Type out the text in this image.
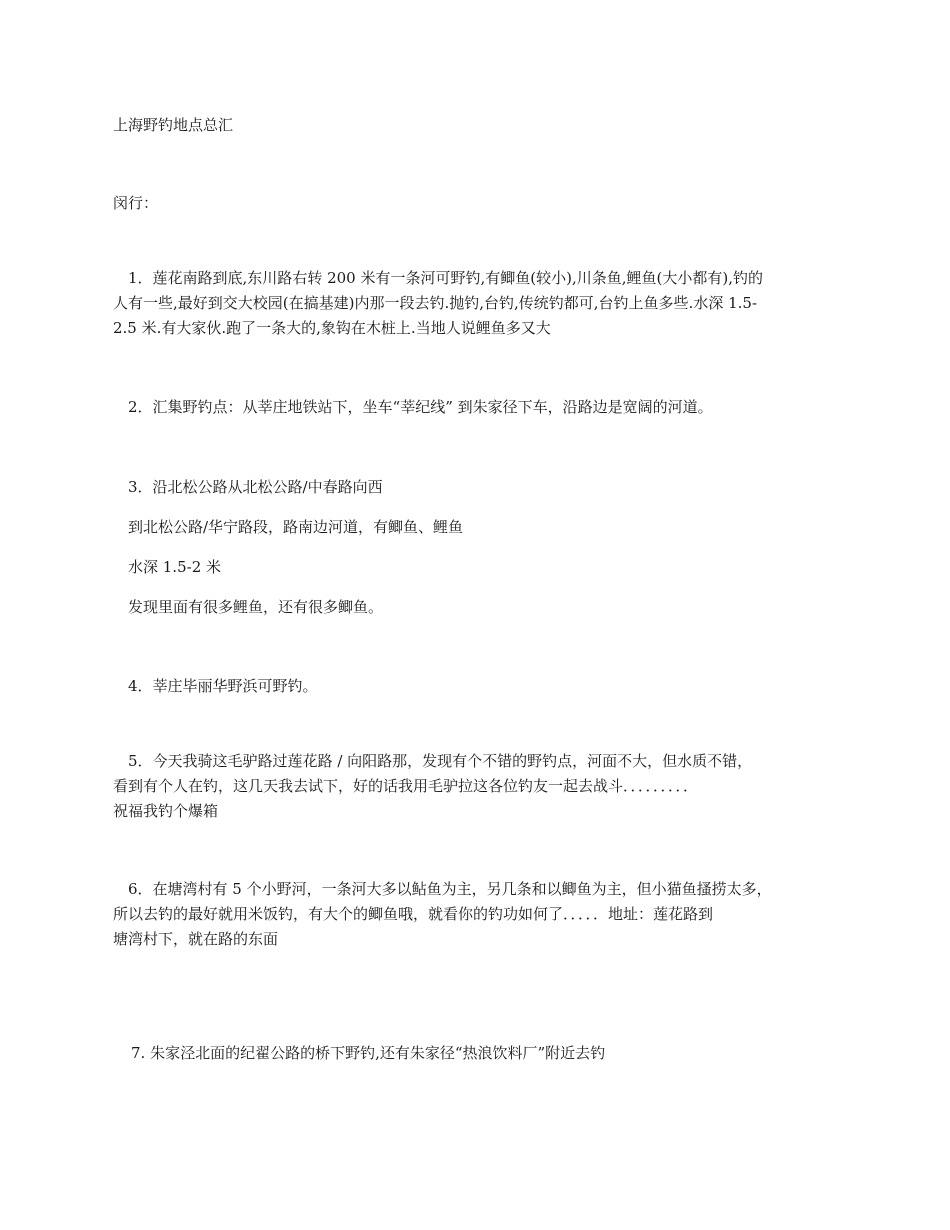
上海野钓地点总汇
闵行：
1．莲花南路到底,东川路右转 200 米有一条河可野钓,有鲫鱼(较小),川条鱼,鲤鱼(大小都有),钓的
人有一些,最好到交大校园(在搞基建)内那一段去钓.抛钓,台钓,传统钓都可,台钓上鱼多些.水深 1.5-
2.5 米.有大家伙.跑了一条大的,象钩在木桩上.当地人说鲤鱼多又大
2．汇集野钓点：从莘庄地铁站下，坐车“莘纪线” 到朱家径下车，沿路边是宽阔的河道。
3．沿北松公路从北松公路/中春路向西
到北松公路/华宁路段，路南边河道，有鲫鱼、鲤鱼
水深 1.5-2 米
发现里面有很多鲤鱼，还有很多鲫鱼。
4．莘庄毕丽华野浜可野钓。
5．今天我骑这毛驴路过莲花路 / 向阳路那，发现有个不错的野钓点，河面不大，但水质不错，
看到有个人在钓，这几天我去试下，好的话我用毛驴拉这各位钓友一起去战斗．．．．．．．．．
祝福我钓个爆箱
6．在塘湾村有 5 个小野河，一条河大多以鲇鱼为主，另几条和以鲫鱼为主，但小猫鱼搔捞太多，
所以去钓的最好就用米饭钓，有大个的鲫鱼哦，就看你的钓功如何了．．．．．地址：莲花路到
塘湾村下，就在路的东面
7. 朱家泾北面的纪翟公路的桥下野钓,还有朱家径“热浪饮料厂”附近去钓
